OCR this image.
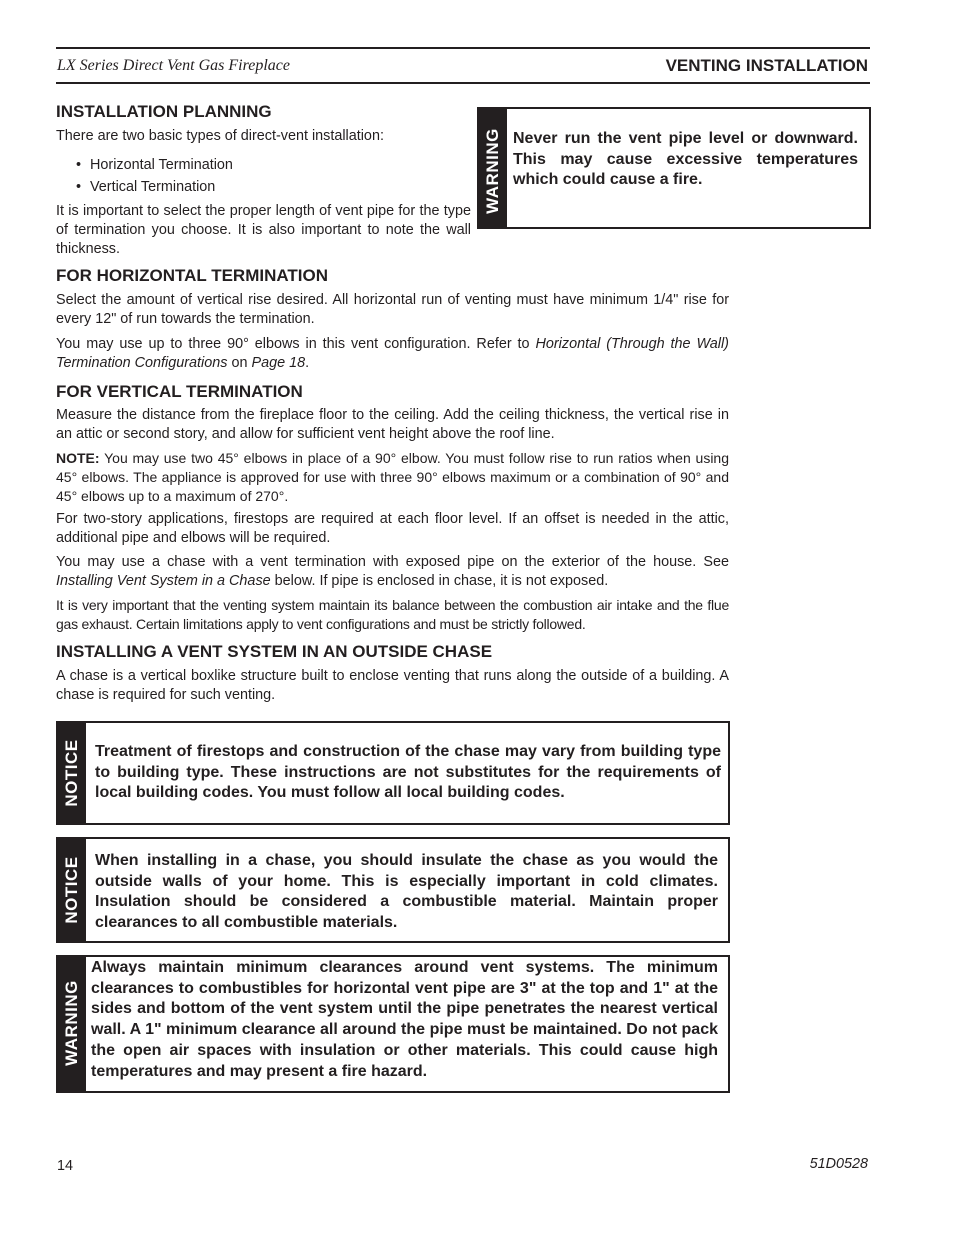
LX Series Direct Vent Gas Fireplace	VENTING INSTALLATION
INSTALLATION PLANNING

There are two basic types of direct-vent installation:

• Horizontal Termination
• Vertical Termination

It is important to select the proper length of vent pipe for the type of termination you choose. It is also important to note the wall thickness.

WARNING Never run the vent pipe level or downward. This may cause excessive temperatures which could cause a fire.

FOR HORIZONTAL TERMINATION

Select the amount of vertical rise desired. All horizontal run of venting must have minimum 1/4" rise for every 12" of run towards the termination.

You may use up to three 90° elbows in this vent configuration. Refer to Horizontal (Through the Wall) Termination Configurations on Page 18.

FOR VERTICAL TERMINATION

Measure the distance from the fireplace floor to the ceiling. Add the ceiling thickness, the vertical rise in an attic or second story, and allow for sufficient vent height above the roof line.

NOTE: You may use two 45° elbows in place of a 90° elbow. You must follow rise to run ratios when using 45° elbows. The appliance is approved for use with three 90° elbows maximum or a combination of 90° and 45° elbows up to a maximum of 270°.

For two-story applications, firestops are required at each floor level. If an offset is needed in the attic, additional pipe and elbows will be required.

You may use a chase with a vent termination with exposed pipe on the exterior of the house. See Installing Vent System in a Chase below. If pipe is enclosed in chase, it is not exposed.

It is very important that the venting system maintain its balance between the combustion air intake and the flue gas exhaust. Certain limitations apply to vent configurations and must be strictly followed.

INSTALLING A VENT SYSTEM IN AN OUTSIDE CHASE

A chase is a vertical boxlike structure built to enclose venting that runs along the outside of a building. A chase is required for such venting.

NOTICE Treatment of firestops and construction of the chase may vary from building type to building type. These instructions are not substitutes for the requirements of local building codes. You must follow all local building codes.

NOTICE When installing in a chase, you should insulate the chase as you would the outside walls of your home. This is especially important in cold climates. Insulation should be considered a combustible material. Maintain proper clearances to all combustible materials.

WARNING

Always maintain minimum clearances around vent systems. The minimum clearances to combustibles for horizontal vent pipe are 3" at the top and 1" at the sides and bottom of the vent system until the pipe penetrates the nearest vertical wall. A 1" minimum clearance all around the pipe must be maintained. Do not pack the open air spaces with insulation or other materials. This could cause high temperatures and may present a fire hazard.

14	51D0528
